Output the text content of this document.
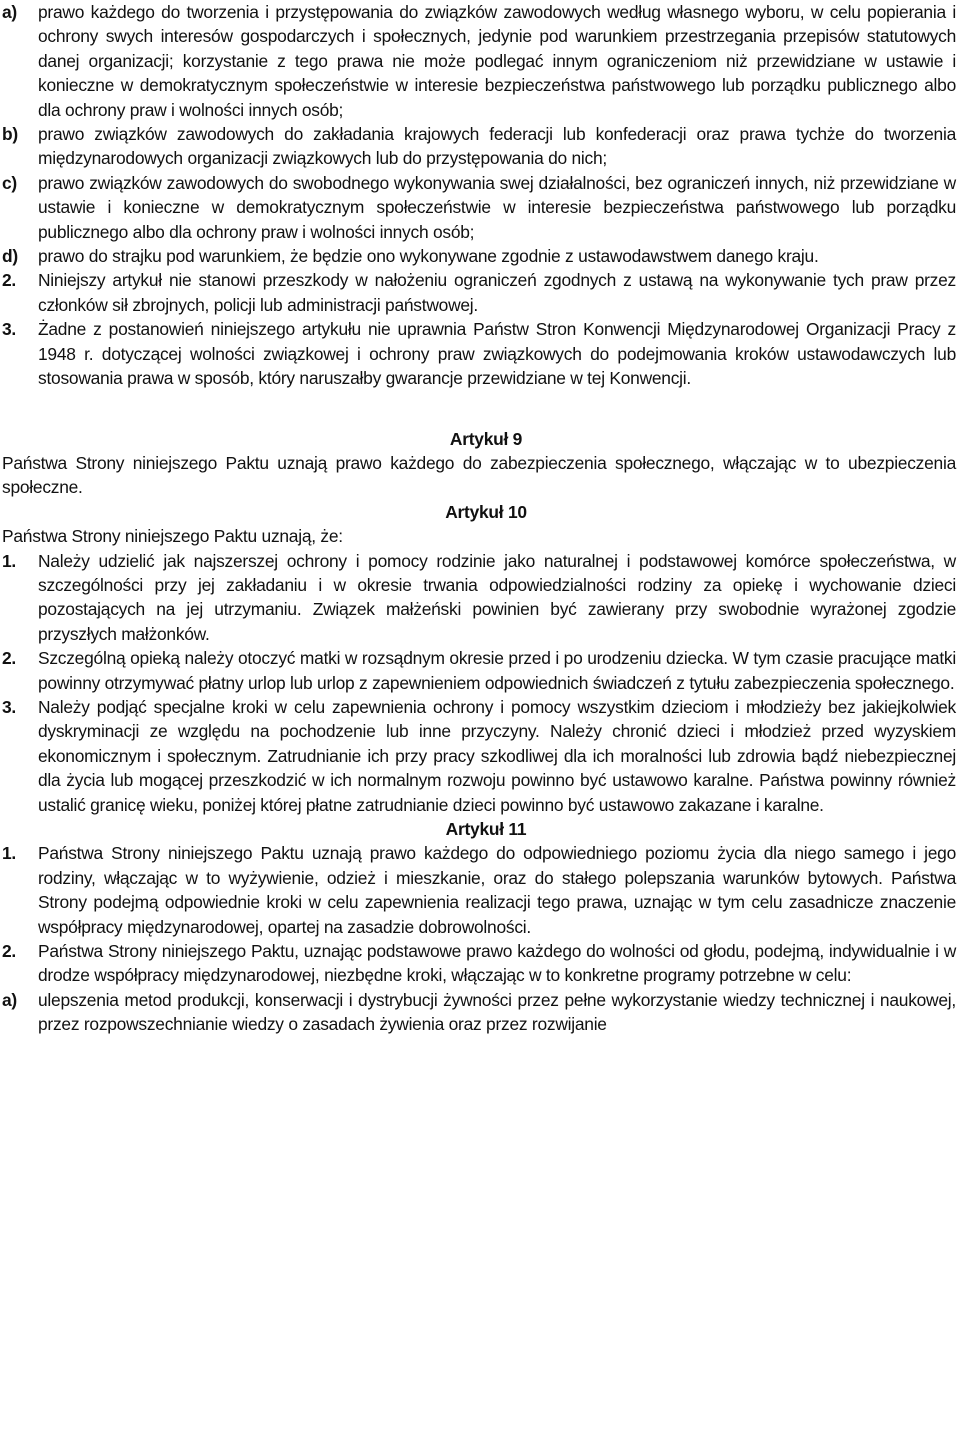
a)	prawo każdego do tworzenia i przystępowania do związków zawodowych według własnego wyboru, w celu popierania i ochrony swych interesów gospodarczych i społecznych, jedynie pod warunkiem przestrzegania przepisów statutowych danej organizacji; korzystanie z tego prawa nie może podlegać innym ograniczeniom niż przewidziane w ustawie i konieczne w demokratycznym społeczeństwie w interesie bezpieczeństwa państwowego lub porządku publicznego albo dla ochrony praw i wolności innych osób;
b)	prawo związków zawodowych do zakładania krajowych federacji lub konfederacji oraz prawa tychże do tworzenia międzynarodowych organizacji związkowych lub do przystępowania do nich;
c)	prawo związków zawodowych do swobodnego wykonywania swej działalności, bez ograniczeń innych, niż przewidziane w ustawie i konieczne w demokratycznym społeczeństwie w interesie bezpieczeństwa państwowego lub porządku publicznego albo dla ochrony praw i wolności innych osób;
d)	prawo do strajku pod warunkiem, że będzie ono wykonywane zgodnie z ustawodawstwem danego kraju.
2.	Niniejszy artykuł nie stanowi przeszkody w nałożeniu ograniczeń zgodnych z ustawą na wykonywanie tych praw przez członków sił zbrojnych, policji lub administracji państwowej.
3.	Żadne z postanowień niniejszego artykułu nie uprawnia Państw Stron Konwencji Międzynarodowej Organizacji Pracy z 1948 r. dotyczącej wolności związkowej i ochrony praw związkowych do podejmowania kroków ustawodawczych lub stosowania prawa w sposób, który naruszałby gwarancje przewidziane w tej Konwencji.
Artykuł 9
Państwa Strony niniejszego Paktu uznają prawo każdego do zabezpieczenia społecznego, włączając w to ubezpieczenia społeczne.
Artykuł 10
Państwa Strony niniejszego Paktu uznają, że:
1.	Należy udzielić jak najszerszej ochrony i pomocy rodzinie jako naturalnej i podstawowej komórce społeczeństwa, w szczególności przy jej zakładaniu i w okresie trwania odpowiedzialności rodziny za opiekę i wychowanie dzieci pozostających na jej utrzymaniu. Związek małżeński powinien być zawierany przy swobodnie wyrażonej zgodzie przyszłych małżonków.
2.	Szczególną opieką należy otoczyć matki w rozsądnym okresie przed i po urodzeniu dziecka. W tym czasie pracujące matki powinny otrzymywać płatny urlop lub urlop z zapewnieniem odpowiednich świadczeń z tytułu zabezpieczenia społecznego.
3.	Należy podjąć specjalne kroki w celu zapewnienia ochrony i pomocy wszystkim dzieciom i młodzieży bez jakiejkolwiek dyskryminacji ze względu na pochodzenie lub inne przyczyny. Należy chronić dzieci i młodzież przed wyzyskiem ekonomicznym i społecznym. Zatrudnianie ich przy pracy szkodliwej dla ich moralności lub zdrowia bądź niebezpiecznej dla życia lub mogącej przeszkodzić w ich normalnym rozwoju powinno być ustawowo karalne. Państwa powinny również ustalić granicę wieku, poniżej której płatne zatrudnianie dzieci powinno być ustawowo zakazane i karalne.
Artykuł 11
1.	Państwa Strony niniejszego Paktu uznają prawo każdego do odpowiedniego poziomu życia dla niego samego i jego rodziny, włączając w to wyżywienie, odzież i mieszkanie, oraz do stałego polepszania warunków bytowych. Państwa Strony podejmą odpowiednie kroki w celu zapewnienia realizacji tego prawa, uznając w tym celu zasadnicze znaczenie współpracy międzynarodowej, opartej na zasadzie dobrowolności.
2.	Państwa Strony niniejszego Paktu, uznając podstawowe prawo każdego do wolności od głodu, podejmą, indywidualnie i w drodze współpracy międzynarodowej, niezbędne kroki, włączając w to konkretne programy potrzebne w celu:
a)	ulepszenia metod produkcji, konserwacji i dystrybucji żywności przez pełne wykorzystanie wiedzy technicznej i naukowej, przez rozpowszechnianie wiedzy o zasadach żywienia oraz przez rozwijanie
